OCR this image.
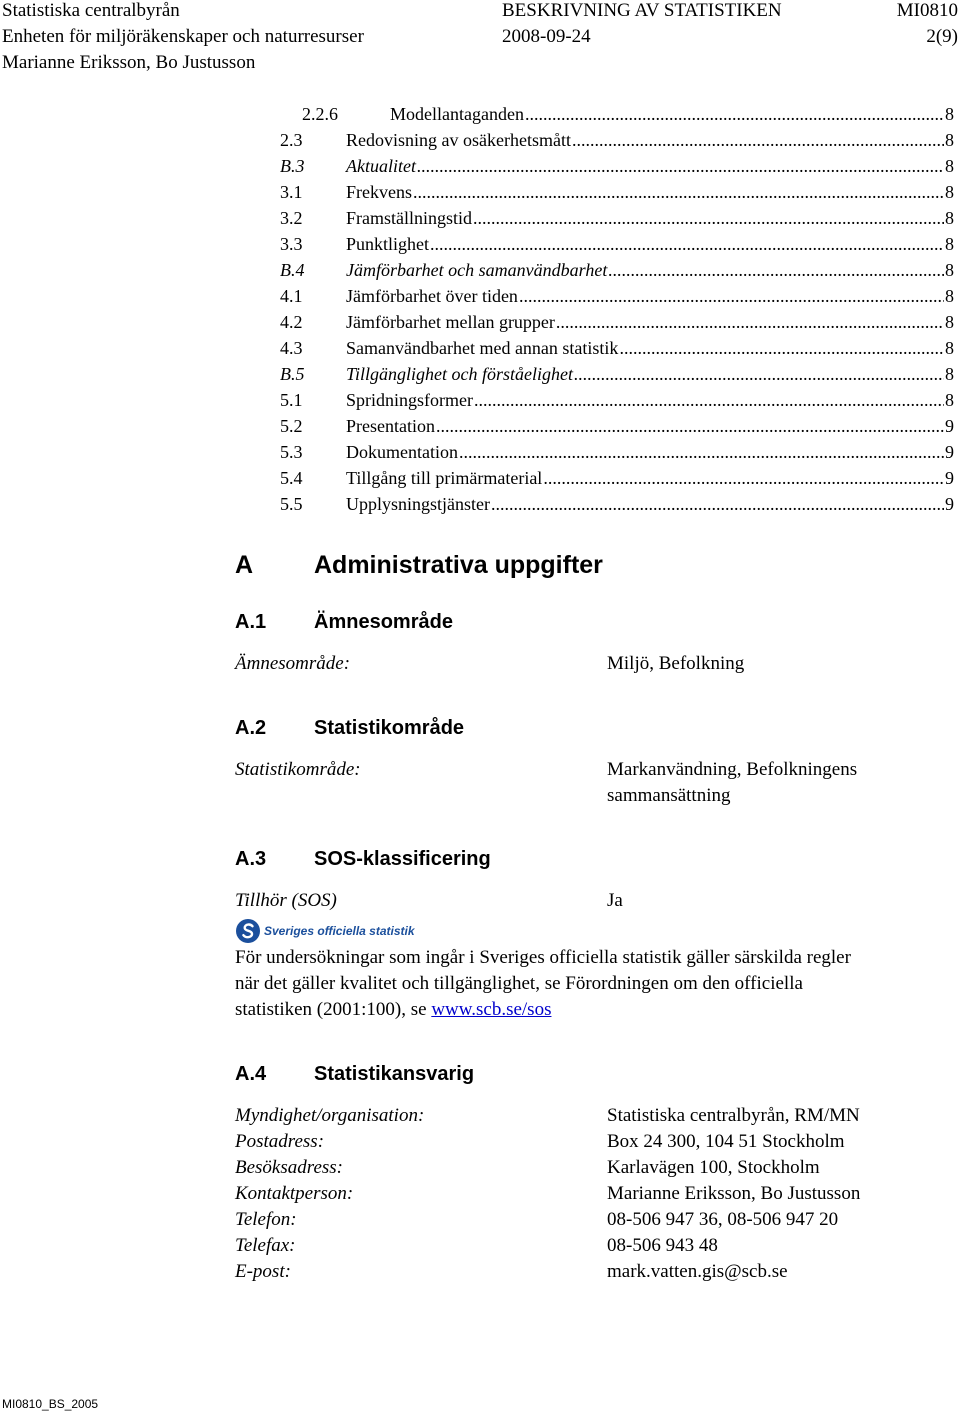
Statistiska centralbyrån	BESKRIVNING AV STATISTIKEN	MI0810
Enheten för miljöräkenskaper och naturresurser	2008-09-24	2(9)
Marianne Eriksson, Bo Justusson
2.2.6	Modellantaganden .....	8
2.3 Redovisning av osäkerhetsmått .....	8
B.3 Aktualitet .....	8
3.1 Frekvens .....	8
3.2 Framställningstid .....	8
3.3 Punktlighet .....	8
B.4 Jämförbarhet och samanvändbarhet .....	8
4.1 Jämförbarhet över tiden .....	8
4.2 Jämförbarhet mellan grupper .....	8
4.3 Samanvändbarhet med annan statistik .....	8
B.5 Tillgänglighet och förståelighet .....	8
5.1 Spridningsformer .....	8
5.2 Presentation .....	9
5.3 Dokumentation .....	9
5.4 Tillgång till primärmaterial .....	9
5.5 Upplysningstjänster .....	9
A Administrativa uppgifter
A.1 Ämnesområde
Ämnesområde:	Miljö, Befolkning
A.2 Statistikområde
Statistikområde:	Markanvändning, Befolkningens
sammansättning
A.3 SOS-klassificering
Tillhör (SOS)	Ja
Sveriges officiella statistik
För undersökningar som ingår i Sveriges officiella statistik gäller särskilda regler
när det gäller kvalitet och tillgänglighet, se Förordningen om den officiella
statistiken (2001:100), se www.scb.se/sos
A.4 Statistikansvarig
Myndighet/organisation:	Statistiska centralbyrån, RM/MN
Postadress:	Box 24 300, 104 51 Stockholm
Besöksadress:	Karlavägen 100, Stockholm
Kontaktperson:	Marianne Eriksson, Bo Justusson
Telefon:	08-506 947 36, 08-506 947 20
Telefax:	08-506 943 48
E-post:	mark.vatten.gis@scb.se
MI0810_BS_2005
